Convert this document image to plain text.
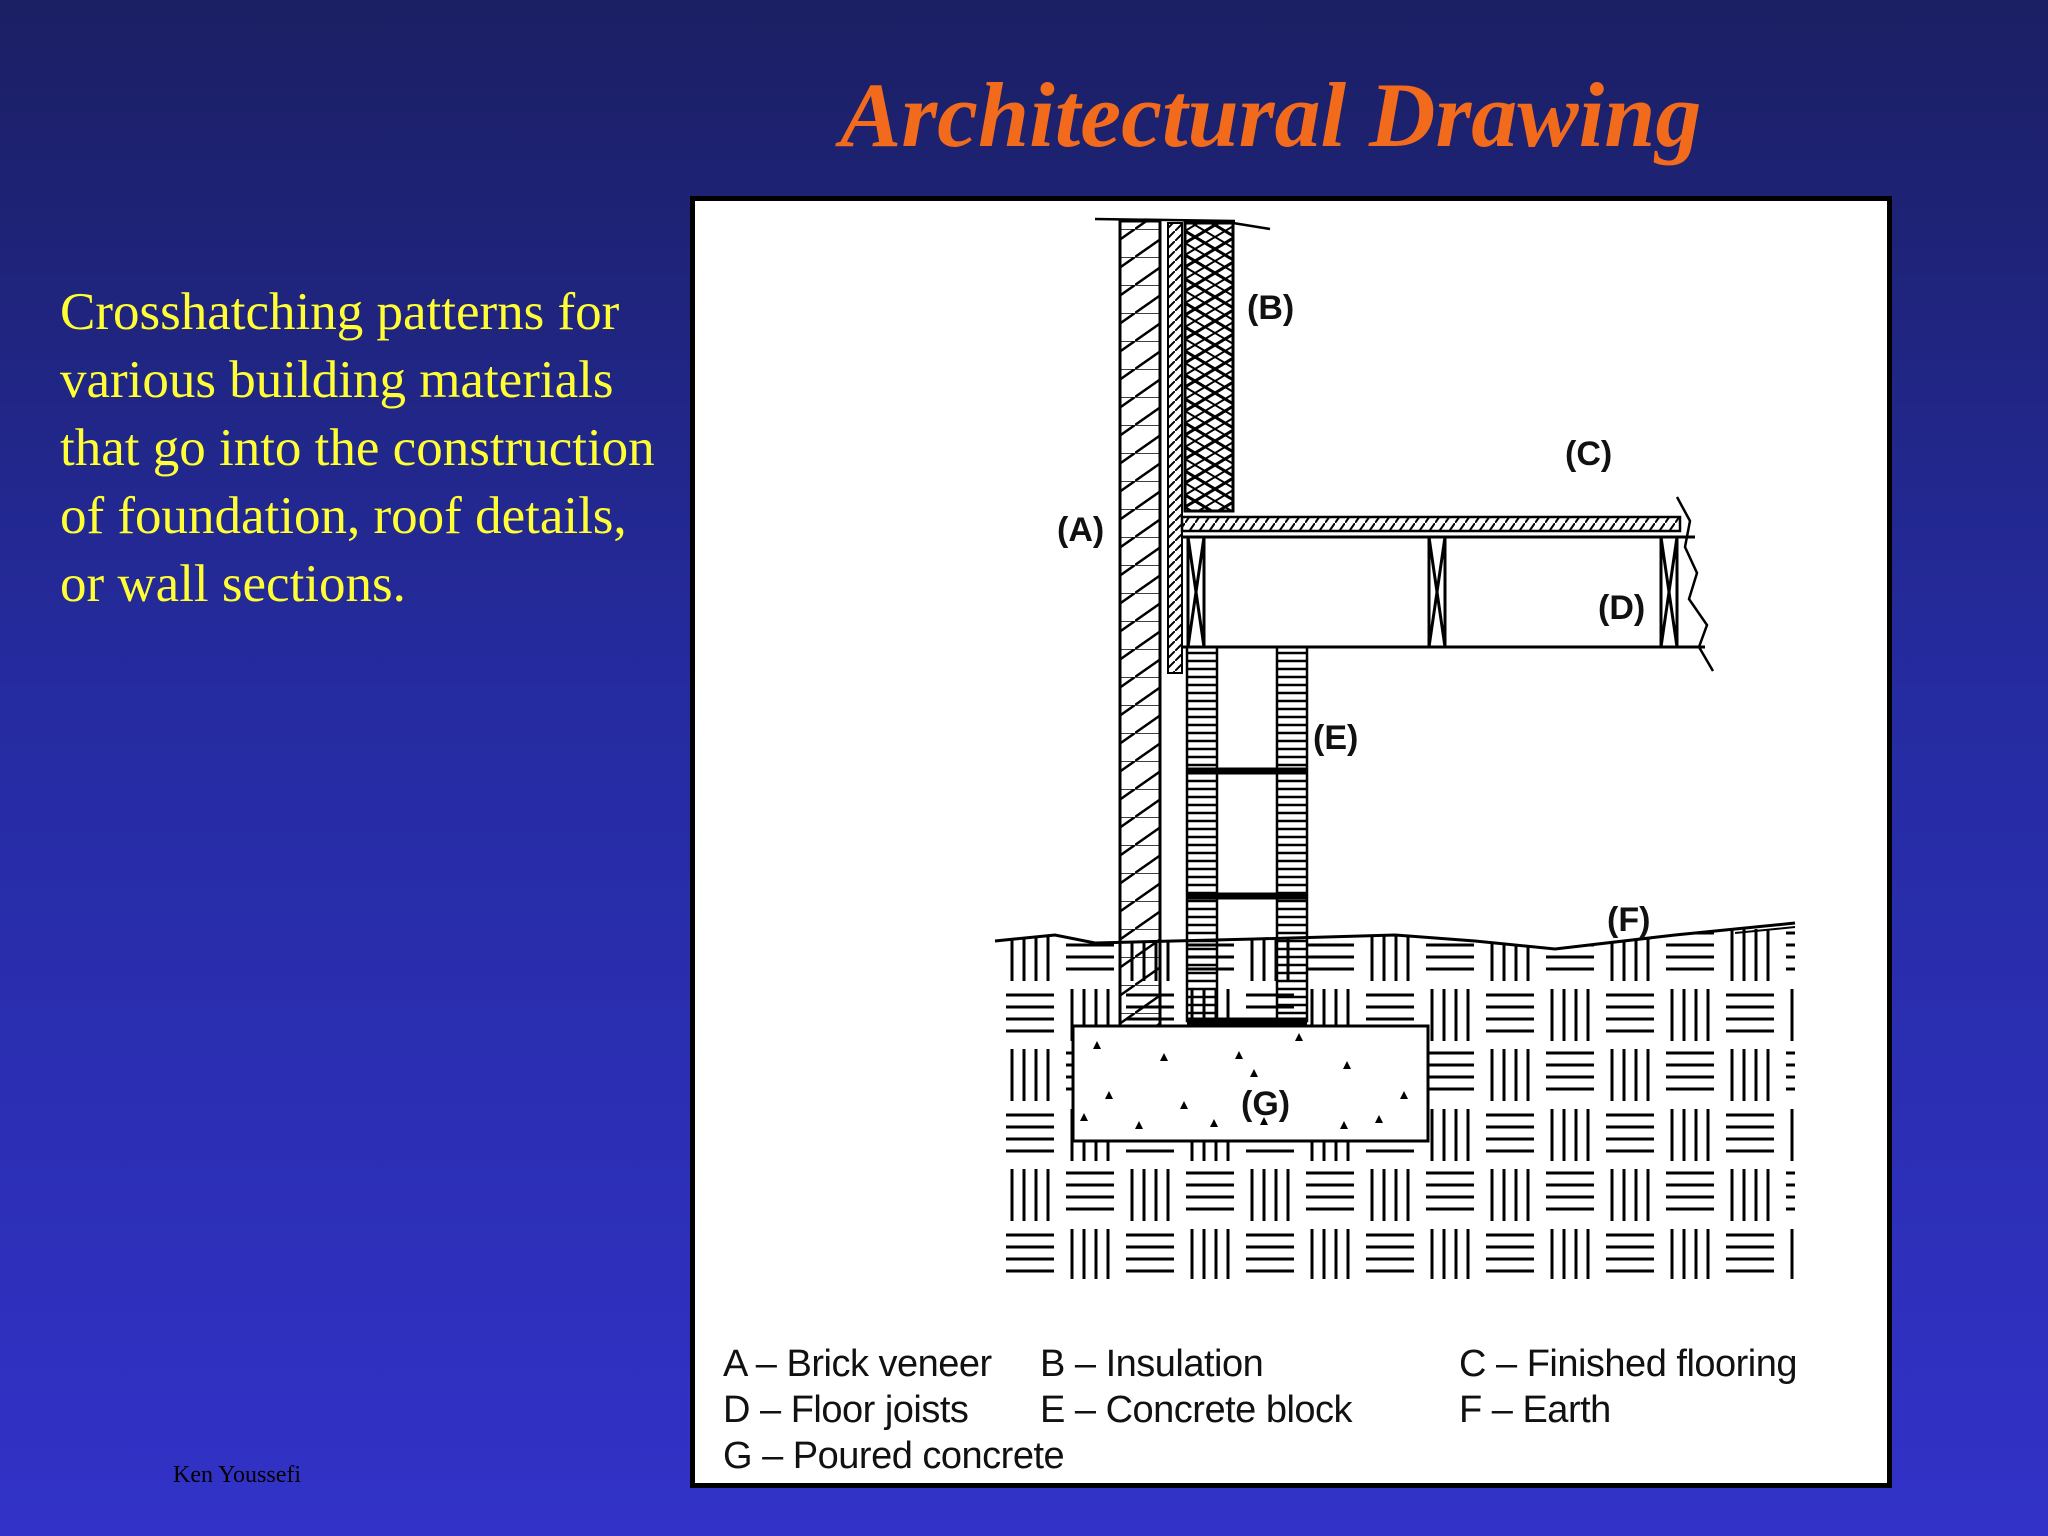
Architectural Drawing
Crosshatching patterns for various building materials that go into the construction of foundation, roof details, or wall sections.
Ken Youssefi
(B)
(C)
(A)
(D)
(E)
(F)
(G)
A – Brick veneer B – Insulation	C – Finished flooring
D – Floor joists E – Concrete block	F – Earth
G – Poured concrete
